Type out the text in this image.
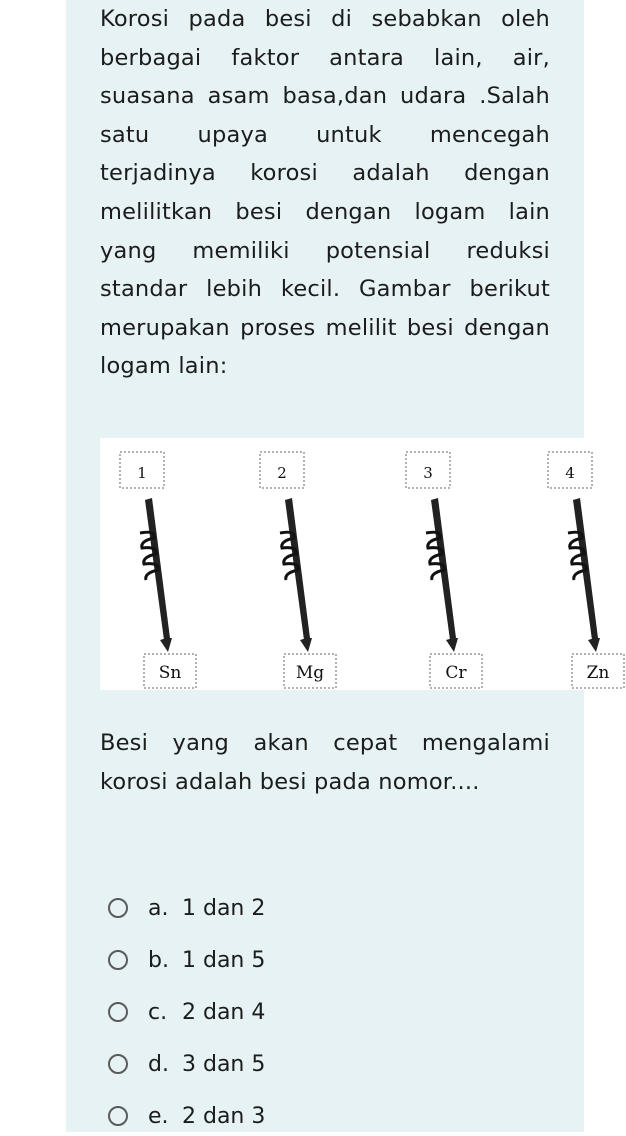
Korosi pada besi di sebabkan oleh berbagai faktor antara lain, air, suasana asam basa,dan udara .Salah satu upaya untuk mencegah terjadinya korosi adalah dengan melilitkan besi dengan logam lain yang memiliki potensial reduksi standar lebih kecil. Gambar berikut merupakan proses melilit besi dengan logam lain:

1
Sn
2
Mg
3
Cr
4
Zn

Besi yang akan cepat mengalami korosi adalah besi pada nomor....

a. 1 dan 2
b. 1 dan 5
c. 2 dan 4
d. 3 dan 5
e. 2 dan 3
